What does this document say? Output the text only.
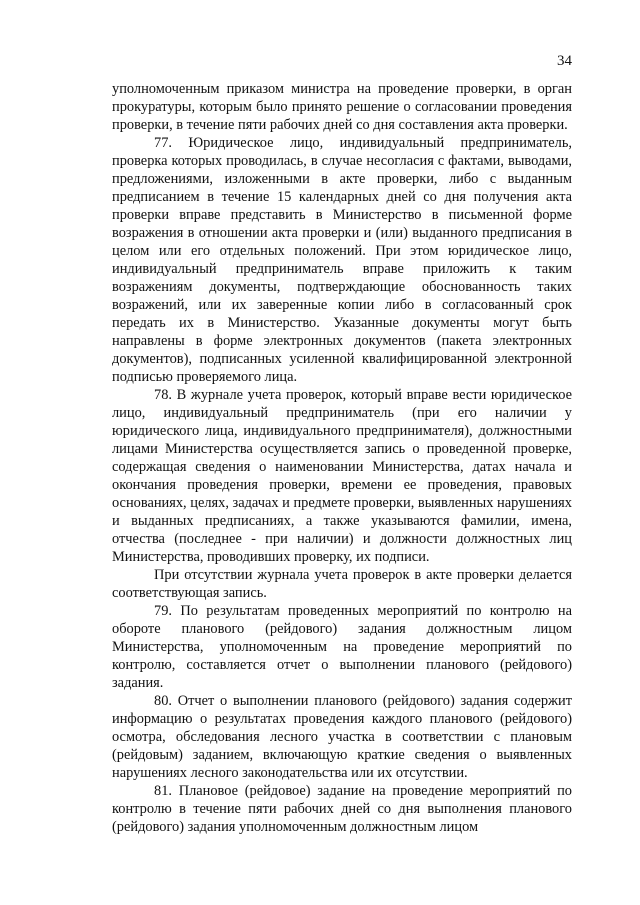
34

уполномоченным приказом министра на проведение проверки, в орган прокуратуры, которым было принято решение о согласовании проведения проверки, в течение пяти рабочих дней со дня составления акта проверки.

77. Юридическое лицо, индивидуальный предприниматель, проверка которых проводилась, в случае несогласия с фактами, выводами, предложениями, изложенными в акте проверки, либо с выданным предписанием в течение 15 календарных дней со дня получения акта проверки вправе представить в Министерство в письменной форме возражения в отношении акта проверки и (или) выданного предписания в целом или его отдельных положений. При этом юридическое лицо, индивидуальный предприниматель вправе приложить к таким возражениям документы, подтверждающие обоснованность таких возражений, или их заверенные копии либо в согласованный срок передать их в Министерство. Указанные документы могут быть направлены в форме электронных документов (пакета электронных документов), подписанных усиленной квалифицированной электронной подписью проверяемого лица.

78. В журнале учета проверок, который вправе вести юридическое лицо, индивидуальный предприниматель (при его наличии у юридического лица, индивидуального предпринимателя), должностными лицами Министерства осуществляется запись о проведенной проверке, содержащая сведения о наименовании Министерства, датах начала и окончания проведения проверки, времени ее проведения, правовых основаниях, целях, задачах и предмете проверки, выявленных нарушениях и выданных предписаниях, а также указываются фамилии, имена, отчества (последнее - при наличии) и должности должностных лиц Министерства, проводивших проверку, их подписи.

При отсутствии журнала учета проверок в акте проверки делается соответствующая запись.

79. По результатам проведенных мероприятий по контролю на обороте планового (рейдового) задания должностным лицом Министерства, уполномоченным на проведение мероприятий по контролю, составляется отчет о выполнении планового (рейдового) задания.

80. Отчет о выполнении планового (рейдового) задания содержит информацию о результатах проведения каждого планового (рейдового) осмотра, обследования лесного участка в соответствии с плановым (рейдовым) заданием, включающую краткие сведения о выявленных нарушениях лесного законодательства или их отсутствии.

81. Плановое (рейдовое) задание на проведение мероприятий по контролю в течение пяти рабочих дней со дня выполнения планового (рейдового) задания уполномоченным должностным лицом
